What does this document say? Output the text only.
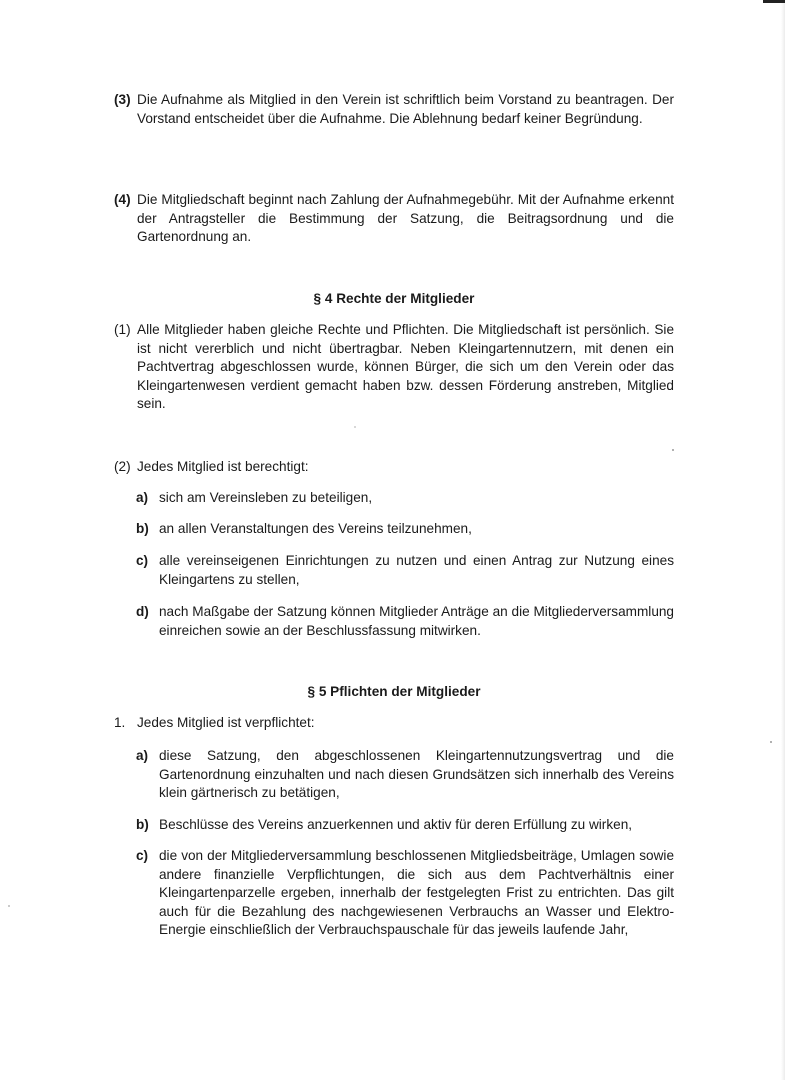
(3) Die Aufnahme als Mitglied in den Verein ist schriftlich beim Vorstand zu beantragen. Der Vorstand entscheidet über die Aufnahme. Die Ablehnung bedarf keiner Begründung.
(4) Die Mitgliedschaft beginnt nach Zahlung der Aufnahmegebühr. Mit der Aufnahme erkennt der Antragsteller die Bestimmung der Satzung, die Beitragsordnung und die Gartenordnung an.
§ 4 Rechte der Mitglieder
(1) Alle Mitglieder haben gleiche Rechte und Pflichten. Die Mitgliedschaft ist persönlich. Sie ist nicht vererblich und nicht übertragbar. Neben Kleingartennutzern, mit denen ein Pachtvertrag abgeschlossen wurde, können Bürger, die sich um den Verein oder das Kleingartenwesen verdient gemacht haben bzw. dessen Förderung anstreben, Mitglied sein.
(2) Jedes Mitglied ist berechtigt:
a) sich am Vereinsleben zu beteiligen,
b) an allen Veranstaltungen des Vereins teilzunehmen,
c) alle vereinseigenen Einrichtungen zu nutzen und einen Antrag zur Nutzung eines Kleingartens zu stellen,
d) nach Maßgabe der Satzung können Mitglieder Anträge an die Mitgliederversammlung einreichen sowie an der Beschlussfassung mitwirken.
§ 5 Pflichten der Mitglieder
1. Jedes Mitglied ist verpflichtet:
a) diese Satzung, den abgeschlossenen Kleingartennutzungsvertrag und die Gartenordnung einzuhalten und nach diesen Grundsätzen sich innerhalb des Vereins klein gärtnerisch zu betätigen,
b) Beschlüsse des Vereins anzuerkennen und aktiv für deren Erfüllung zu wirken,
c) die von der Mitgliederversammlung beschlossenen Mitgliedsbeiträge, Umlagen sowie andere finanzielle Verpflichtungen, die sich aus dem Pachtverhältnis einer Kleingartenparzelle ergeben, innerhalb der festgelegten Frist zu entrichten. Das gilt auch für die Bezahlung des nachgewiesenen Verbrauchs an Wasser und Elektro-Energie einschließlich der Verbrauchspauschale für das jeweils laufende Jahr,
